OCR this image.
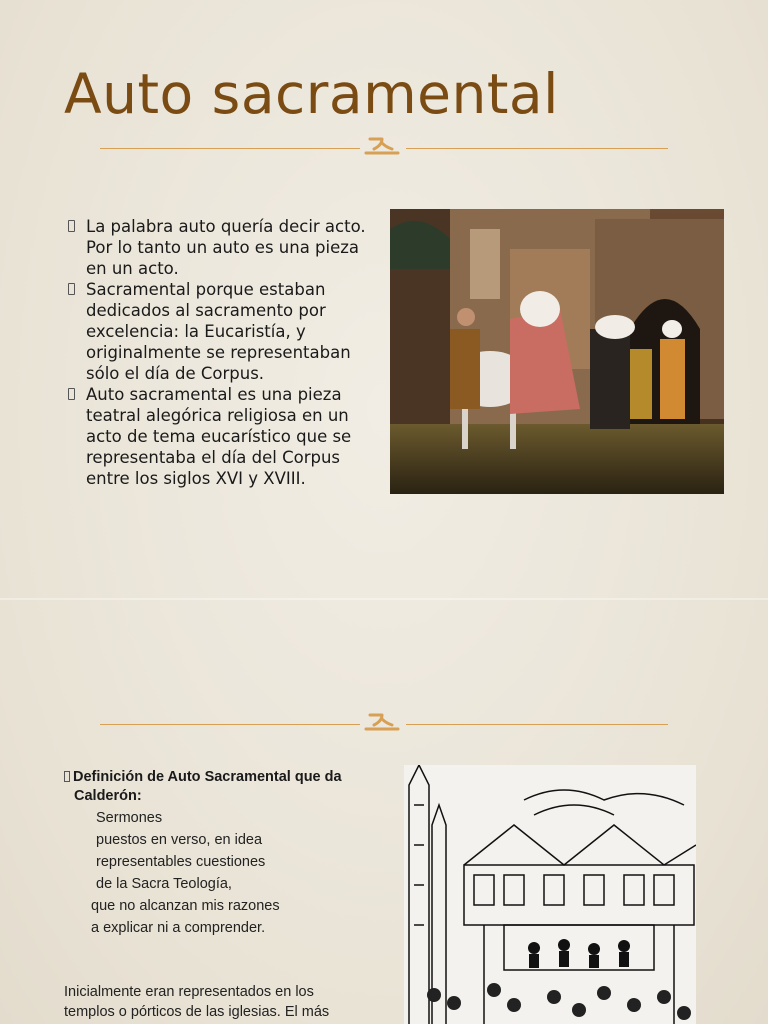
Auto sacramental
La palabra auto quería decir acto. Por lo tanto un auto es una pieza en un acto.
Sacramental porque estaban dedicados al sacramento por excelencia: la Eucaristía, y originalmente se representaban sólo el día de Corpus.
Auto sacramental es una pieza teatral alegórica religiosa en un acto de tema eucarístico que se representaba el día del Corpus entre los siglos XVI y XVIII.
Definición de Auto Sacramental que da
Calderón:
Sermones
puestos en verso, en idea
representables cuestiones
de la Sacra Teología,
que no alcanzan mis razones
a explicar ni a comprender.
Inicialmente eran representados en los templos o pórticos de las iglesias. El más
